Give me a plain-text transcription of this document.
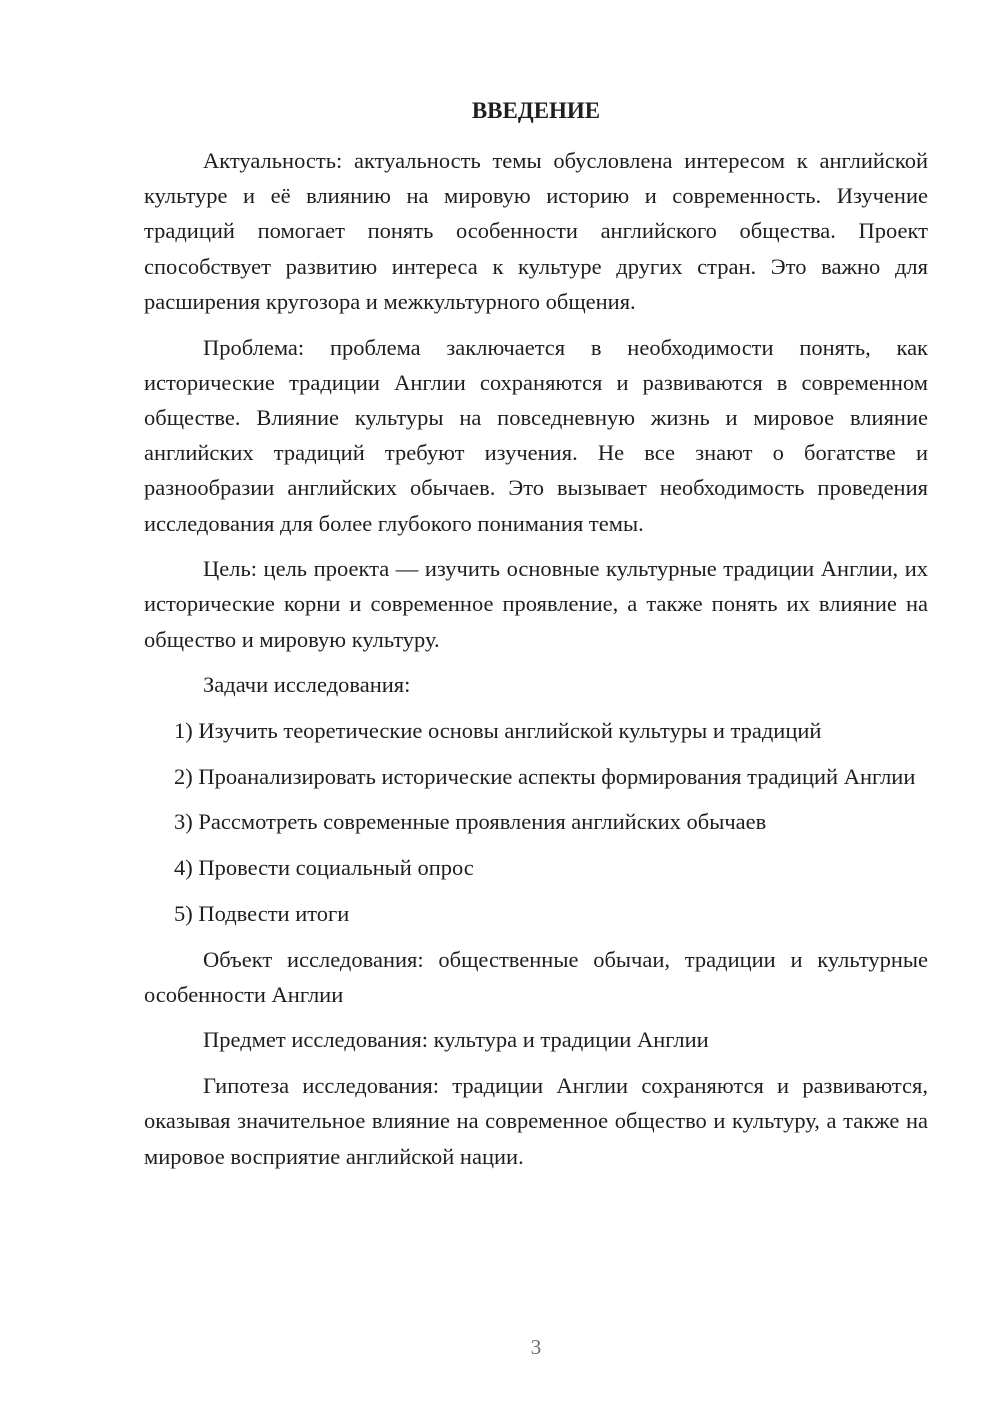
ВВЕДЕНИЕ

Актуальность: актуальность темы обусловлена интересом к английской культуре и её влиянию на мировую историю и современность. Изучение традиций помогает понять особенности английского общества. Проект способствует развитию интереса к культуре других стран. Это важно для расширения кругозора и межкультурного общения.

Проблема: проблема заключается в необходимости понять, как исторические традиции Англии сохраняются и развиваются в современном обществе. Влияние культуры на повседневную жизнь и мировое влияние английских традиций требуют изучения. Не все знают о богатстве и разнообразии английских обычаев. Это вызывает необходимость проведения исследования для более глубокого понимания темы.

Цель: цель проекта — изучить основные культурные традиции Англии, их исторические корни и современное проявление, а также понять их влияние на общество и мировую культуру.

Задачи исследования:

1) Изучить теоретические основы английской культуры и традиций

2) Проанализировать исторические аспекты формирования традиций Англии

3) Рассмотреть современные проявления английских обычаев

4) Провести социальный опрос

5) Подвести итоги

Объект исследования: общественные обычаи, традиции и культурные особенности Англии

Предмет исследования: культура и традиции Англии

Гипотеза исследования: традиции Англии сохраняются и развиваются, оказывая значительное влияние на современное общество и культуру, а также на мировое восприятие английской нации.

3
